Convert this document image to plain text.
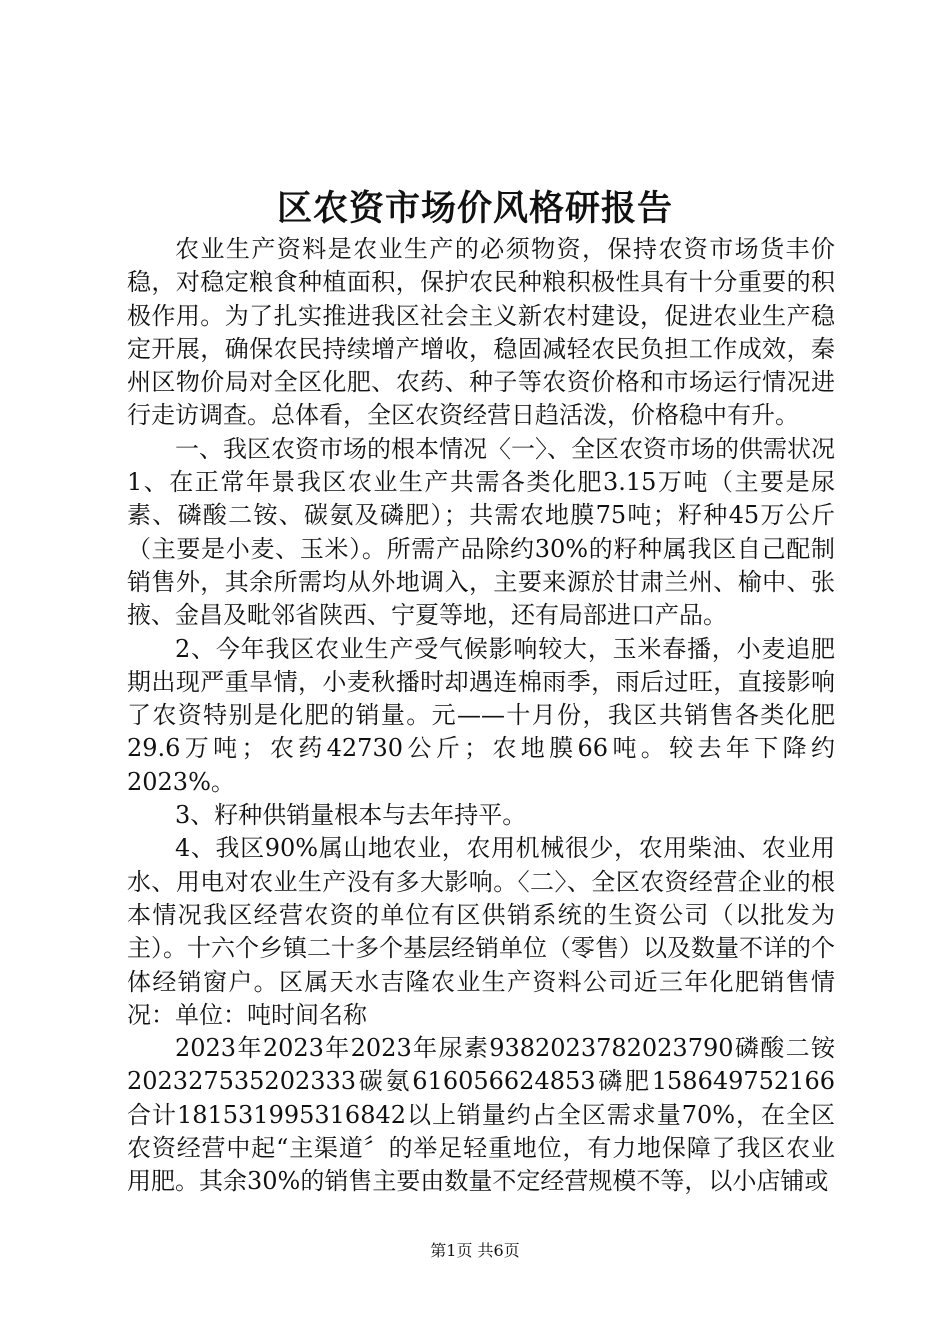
区农资市场价风格研报告

农业生产资料是农业生产的必须物资，保持农资市场货丰价稳，对稳定粮食种植面积，保护农民种粮积极性具有十分重要的积极作用。为了扎实推进我区社会主义新农村建设，促进农业生产稳定开展，确保农民持续增产增收，稳固减轻农民负担工作成效，秦州区物价局对全区化肥、农药、种子等农资价格和市场运行情况进行走访调查。总体看，全区农资经营日趋活泼，价格稳中有升。

一、我区农资市场的根本情况〈一〉、全区农资市场的供需状况1、在正常年景我区农业生产共需各类化肥3.15万吨（主要是尿素、磷酸二铵、碳氨及磷肥）；共需农地膜75吨；籽种45万公斤（主要是小麦、玉米）。所需产品除约30%的籽种属我区自己配制销售外，其余所需均从外地调入，主要来源於甘肃兰州、榆中、张掖、金昌及毗邻省陕西、宁夏等地，还有局部进口产品。

2、今年我区农业生产受气候影响较大，玉米春播，小麦追肥期出现严重旱情，小麦秋播时却遇连棉雨季，雨后过旺，直接影响了农资特别是化肥的销量。元——十月份，我区共销售各类化肥29.6万吨；农药42730公斤；农地膜66吨。较去年下降约2023%。

3、籽种供销量根本与去年持平。

4、我区90%属山地农业，农用机械很少，农用柴油、农业用水、用电对农业生产没有多大影响。〈二〉、全区农资经营企业的根本情况我区经营农资的单位有区供销系统的生资公司（以批发为主）。十六个乡镇二十多个基层经销单位（零售）以及数量不详的个体经销窗户。区属天水吉隆农业生产资料公司近三年化肥销售情况：单位：吨时间名称

2023年2023年2023年尿素9382023782023790磷酸二铵202327535202333碳氨616056624853磷肥158649752166合计181531995316842以上销量约占全区需求量70%，在全区农资经营中起“主渠道〞的举足轻重地位，有力地保障了我区农业用肥。其余30%的销售主要由数量不定经营规模不等，以小店铺或

第1页 共6页
